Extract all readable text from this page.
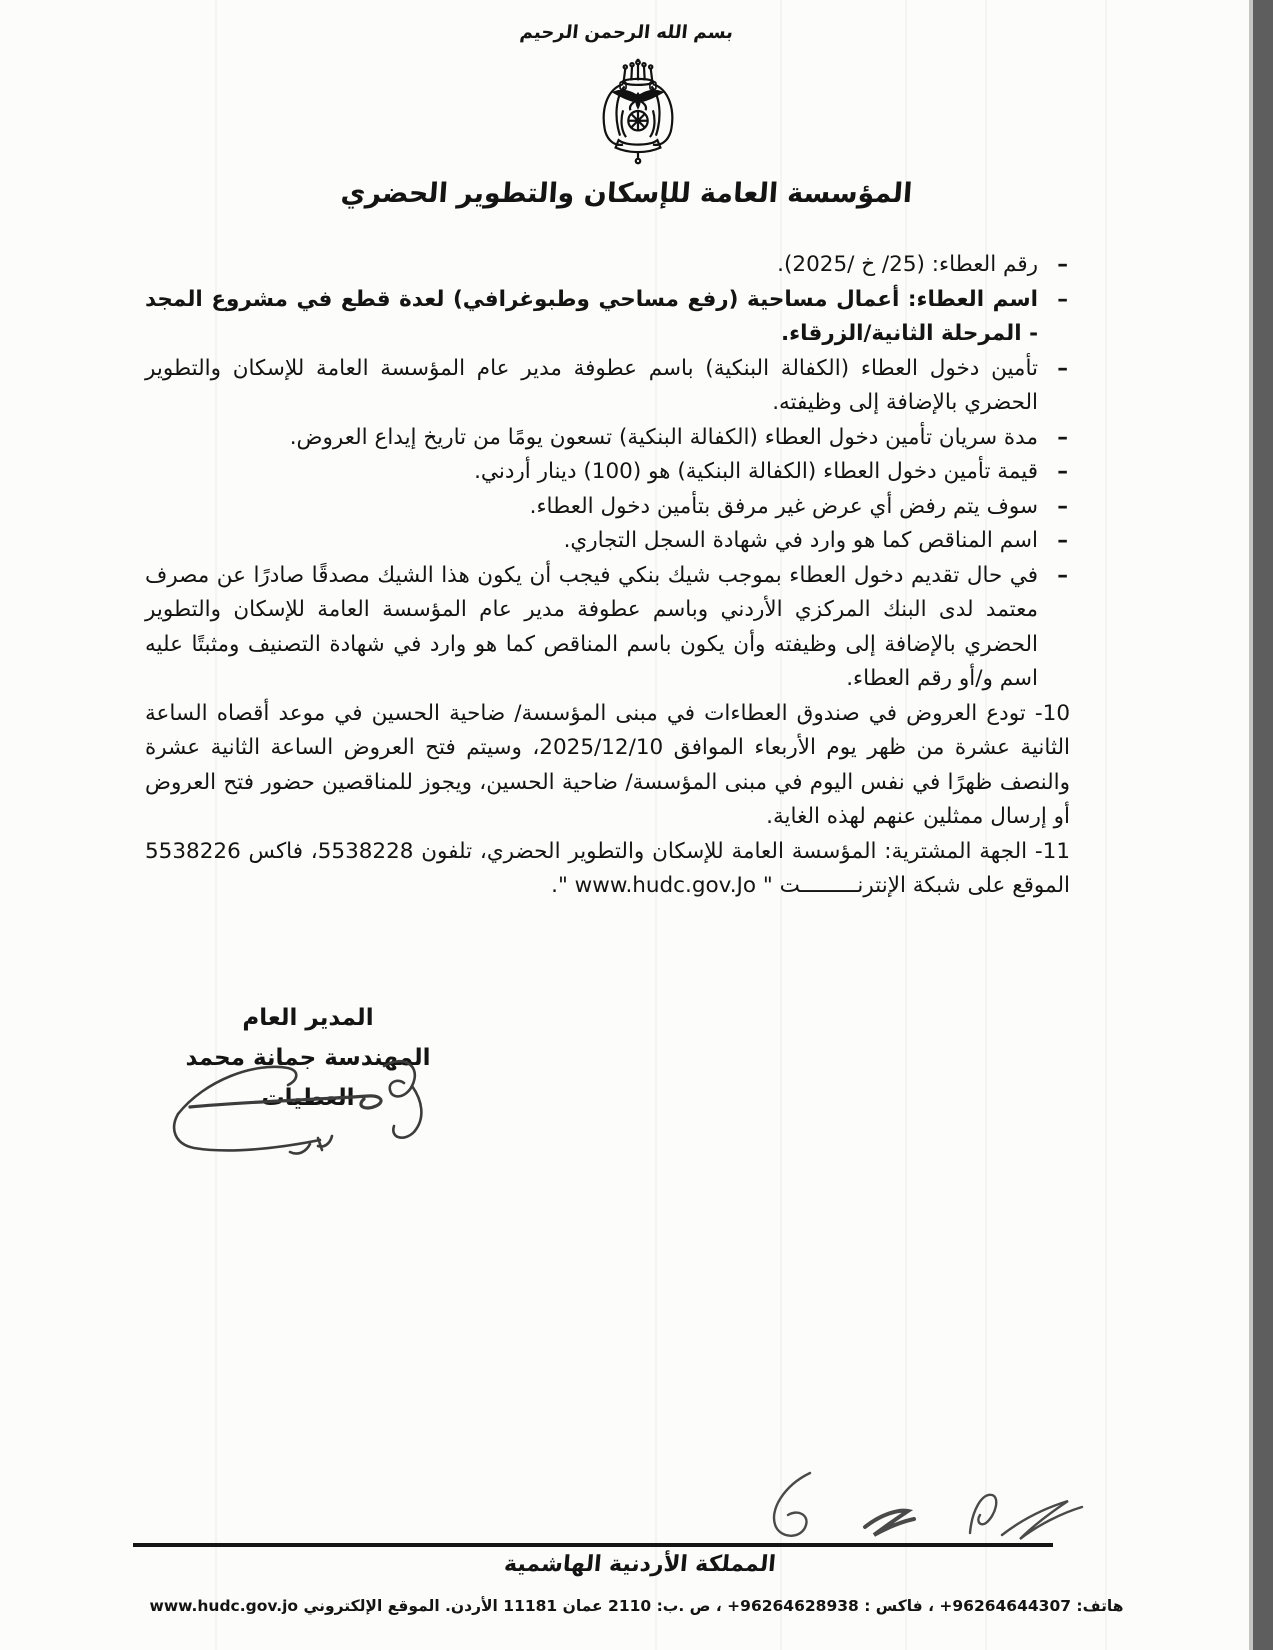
بسم الله الرحمن الرحيم
المؤسسة العامة للإسكان والتطوير الحضري
–
رقم العطاء: (25/ خ /2025).
–
اسم العطاء: أعمال مساحية (رفع مساحي وطبوغرافي) لعدة قطع في مشروع المجد - المرحلة الثانية/الزرقاء.
–
تأمين دخول العطاء (الكفالة البنكية) باسم عطوفة مدير عام المؤسسة العامة للإسكان والتطوير الحضري بالإضافة إلى وظيفته.
–
مدة سريان تأمين دخول العطاء (الكفالة البنكية) تسعون يومًا من تاريخ إيداع العروض.
–
قيمة تأمين دخول العطاء (الكفالة البنكية) هو (100) دينار أردني.
–
سوف يتم رفض أي عرض غير مرفق بتأمين دخول العطاء.
–
اسم المناقص كما هو وارد في شهادة السجل التجاري.
–
في حال تقديم دخول العطاء بموجب شيك بنكي فيجب أن يكون هذا الشيك مصدقًا صادرًا عن مصرف معتمد لدى البنك المركزي الأردني وباسم عطوفة مدير عام المؤسسة العامة للإسكان والتطوير الحضري بالإضافة إلى وظيفته وأن يكون باسم المناقص كما هو وارد في شهادة التصنيف ومثبتًا عليه اسم و/أو رقم العطاء.
10- تودع العروض في صندوق العطاءات في مبنى المؤسسة/ ضاحية الحسين في موعد أقصاه الساعة الثانية عشرة من ظهر يوم الأربعاء الموافق 2025/12/10، وسيتم فتح العروض الساعة الثانية عشرة والنصف ظهرًا في نفس اليوم في مبنى المؤسسة/ ضاحية الحسين، ويجوز للمناقصين حضور فتح العروض أو إرسال ممثلين عنهم لهذه الغاية.
11- الجهة المشترية: المؤسسة العامة للإسكان والتطوير الحضري، تلفون 5538228، فاكس 5538226 الموقع على شبكة الإنترنـــــــــت " www.hudc.gov.Jo ".
المدير العام
المهندسة جمانة محمد العطيات
المملكة الأردنية الهاشمية
هاتف: 96264644307+ ، فاكس : 96264628938+ ، ص .ب: 2110 عمان 11181 الأردن. الموقع الإلكتروني www.hudc.gov.jo
